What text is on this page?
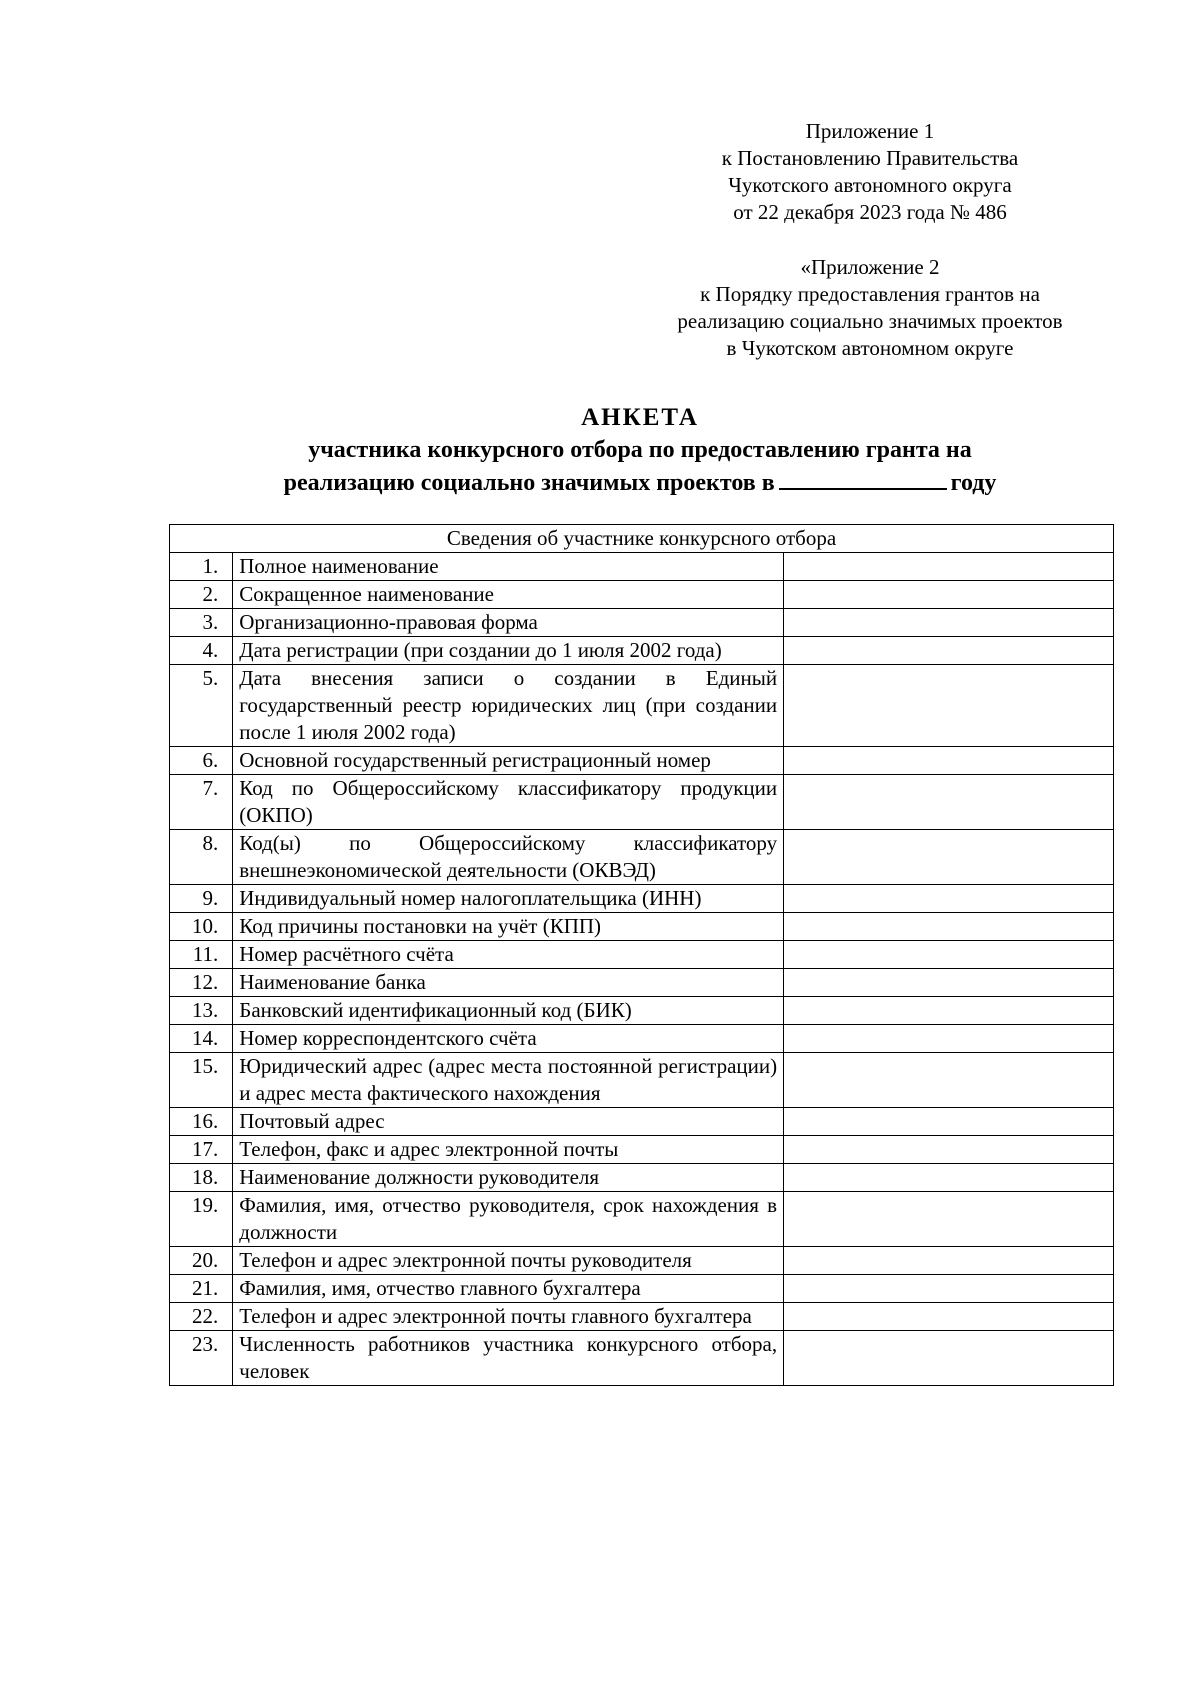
Приложение 1
к Постановлению Правительства
Чукотского автономного округа
от 22 декабря 2023 года № 486
«Приложение 2
к Порядку предоставления грантов на
реализацию социально значимых проектов
в Чукотском автономном округе
АНКЕТА
участника конкурсного отбора по предоставлению гранта на
реализацию социально значимых проектов в	году
Сведения об участнике конкурсного отбора		
1.	Полное наименование	
2.	Сокращенное наименование	
3.	Организационно-правовая форма	
4.	Дата регистрации (при создании до 1 июля 2002 года)	
5.	Дата внесения записи о создании в Единый государственный реестр юридических лиц (при создании после 1 июля 2002 года)	
6.	Основной государственный регистрационный номер	
7.	Код по Общероссийскому классификатору продукции (ОКПО)	
8.	Код(ы) по Общероссийскому классификатору внешнеэкономической деятельности (ОКВЭД)	
9.	Индивидуальный номер налогоплательщика (ИНН)	
10.	Код причины постановки на учёт (КПП)	
11.	Номер расчётного счёта	
12.	Наименование банка	
13.	Банковский идентификационный код (БИК)	
14.	Номер корреспондентского счёта	
15.	Юридический адрес (адрес места постоянной регистрации) и адрес места фактического нахождения	
16.	Почтовый адрес	
17.	Телефон, факс и адрес электронной почты	
18.	Наименование должности руководителя	
19.	Фамилия, имя, отчество руководителя, срок нахождения в должности	
20.	Телефон и адрес электронной почты руководителя	
21.	Фамилия, имя, отчество главного бухгалтера	
22.	Телефон и адрес электронной почты главного бухгалтера	
23.	Численность работников участника конкурсного отбора, человек	
